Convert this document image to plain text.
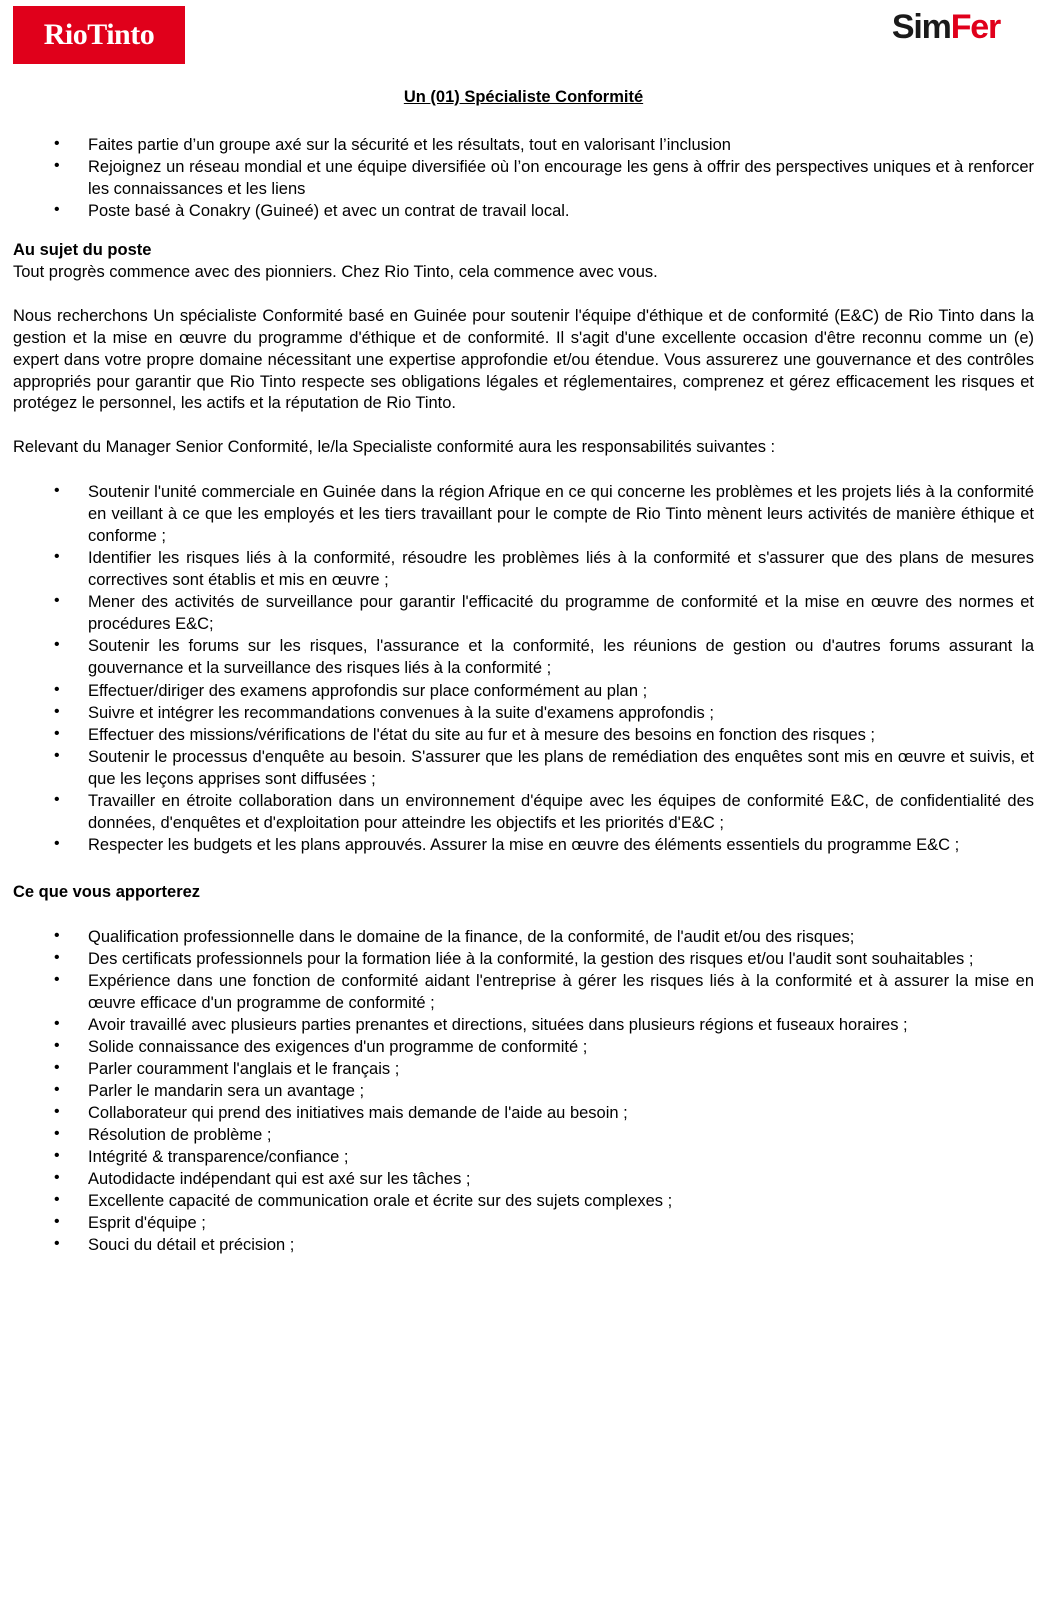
RioTinto	SimFer
Un (01) Spécialiste Conformité
• Faites partie d’un groupe axé sur la sécurité et les résultats, tout en valorisant l’inclusion
• Rejoignez un réseau mondial et une équipe diversifiée où l’on encourage les gens à offrir des perspectives uniques et à renforcer les connaissances et les liens
• Poste basé à Conakry (Guineé) et avec un contrat de travail local.
Au sujet du poste
Tout progrès commence avec des pionniers. Chez Rio Tinto, cela commence avec vous.
Nous recherchons Un spécialiste Conformité basé en Guinée pour soutenir l'équipe d'éthique et de conformité (E&C) de Rio Tinto dans la gestion et la mise en œuvre du programme d'éthique et de conformité. Il s'agit d'une excellente occasion d'être reconnu comme un (e) expert dans votre propre domaine nécessitant une expertise approfondie et/ou étendue. Vous assurerez une gouvernance et des contrôles appropriés pour garantir que Rio Tinto respecte ses obligations légales et réglementaires, comprenez et gérez efficacement les risques et protégez le personnel, les actifs et la réputation de Rio Tinto.
Relevant du Manager Senior Conformité, le/la Specialiste conformité aura les responsabilités suivantes :
• Soutenir l'unité commerciale en Guinée dans la région Afrique en ce qui concerne les problèmes et les projets liés à la conformité en veillant à ce que les employés et les tiers travaillant pour le compte de Rio Tinto mènent leurs activités de manière éthique et conforme ;
• Identifier les risques liés à la conformité, résoudre les problèmes liés à la conformité et s'assurer que des plans de mesures correctives sont établis et mis en œuvre ;
• Mener des activités de surveillance pour garantir l'efficacité du programme de conformité et la mise en œuvre des normes et procédures E&C;
• Soutenir les forums sur les risques, l'assurance et la conformité, les réunions de gestion ou d'autres forums assurant la gouvernance et la surveillance des risques liés à la conformité ;
• Effectuer/diriger des examens approfondis sur place conformément au plan ;
• Suivre et intégrer les recommandations convenues à la suite d'examens approfondis ;
• Effectuer des missions/vérifications de l'état du site au fur et à mesure des besoins en fonction des risques ;
• Soutenir le processus d'enquête au besoin. S'assurer que les plans de remédiation des enquêtes sont mis en œuvre et suivis, et que les leçons apprises sont diffusées ;
• Travailler en étroite collaboration dans un environnement d'équipe avec les équipes de conformité E&C, de confidentialité des données, d'enquêtes et d'exploitation pour atteindre les objectifs et les priorités d'E&C ;
• Respecter les budgets et les plans approuvés. Assurer la mise en œuvre des éléments essentiels du programme E&C ;
Ce que vous apporterez
• Qualification professionnelle dans le domaine de la finance, de la conformité, de l'audit et/ou des risques;
• Des certificats professionnels pour la formation liée à la conformité, la gestion des risques et/ou l'audit sont souhaitables ;
• Expérience dans une fonction de conformité aidant l'entreprise à gérer les risques liés à la conformité et à assurer la mise en œuvre efficace d'un programme de conformité ;
• Avoir travaillé avec plusieurs parties prenantes et directions, situées dans plusieurs régions et fuseaux horaires ;
• Solide connaissance des exigences d'un programme de conformité ;
• Parler couramment l'anglais et le français ;
• Parler le mandarin sera un avantage ;
• Collaborateur qui prend des initiatives mais demande de l'aide au besoin ;
• Résolution de problème ;
• Intégrité & transparence/confiance ;
• Autodidacte indépendant qui est axé sur les tâches ;
• Excellente capacité de communication orale et écrite sur des sujets complexes ;
• Esprit d'équipe ;
• Souci du détail et précision ;
